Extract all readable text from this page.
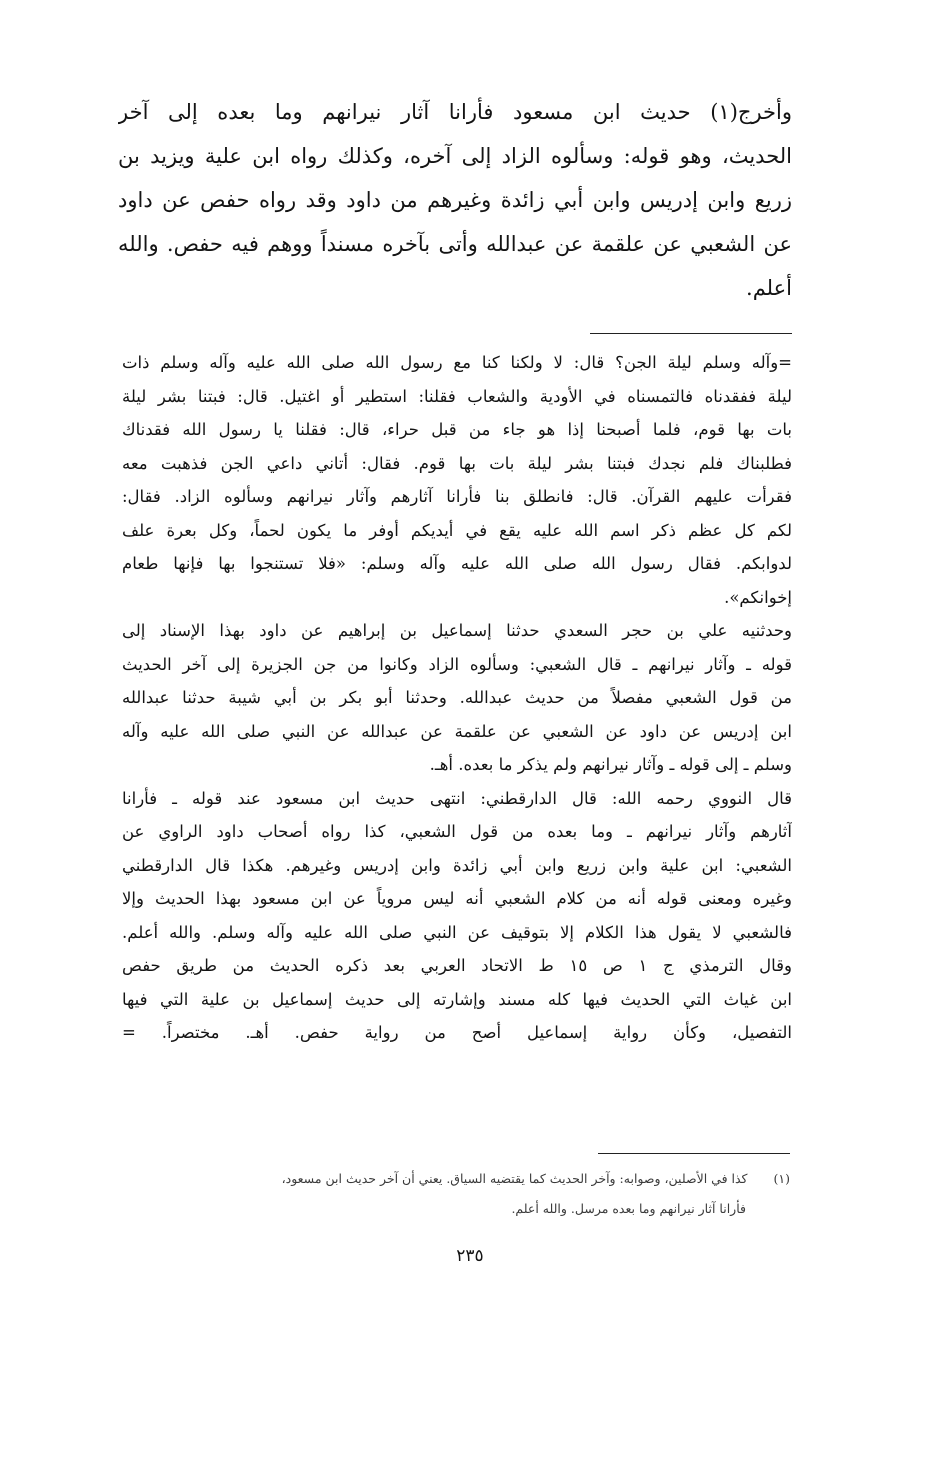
وأخرج(١) حديث ابن مسعود فأرانا آثار نيرانهم وما بعده إلى آخر
الحديث، وهو قوله: وسألوه الزاد إلى آخره، وكذلك رواه ابن علية ويزيد بن
زريع وابن إدريس وابن أبي زائدة وغيرهم من داود وقد رواه حفص عن داود
عن الشعبي عن علقمة عن عبدالله وأتى بآخره مسنداً ووهم فيه حفص. والله
أعلم.
=وآله وسلم ليلة الجن؟ قال: لا ولكنا كنا مع رسول الله صلى الله عليه وآله وسلم ذات
ليلة ففقدناه فالتمسناه في الأودية والشعاب فقلنا: استطير أو اغتيل. قال: فبتنا بشر ليلة
بات بها قوم، فلما أصبحنا إذا هو جاء من قبل حراء، قال: فقلنا يا رسول الله فقدناك
فطلبناك فلم نجدك فبتنا بشر ليلة بات بها قوم. فقال: أتاني داعي الجن فذهبت معه
فقرأت عليهم القرآن. قال: فانطلق بنا فأرانا آثارهم وآثار نيرانهم وسألوه الزاد. فقال:
لكم كل عظم ذكر اسم الله عليه يقع في أيديكم أوفر ما يكون لحماً، وكل بعرة علف
لدوابكم. فقال رسول الله صلى الله عليه وآله وسلم: «فلا تستنجوا بها فإنها طعام
إخوانكم».
وحدثنيه علي بن حجر السعدي حدثنا إسماعيل بن إبراهيم عن داود بهذا الإسناد إلى
قوله ـ وآثار نيرانهم ـ قال الشعبي: وسألوه الزاد وكانوا من جن الجزيرة إلى آخر الحديث
من قول الشعبي مفصلاً من حديث عبدالله. وحدثنا أبو بكر بن أبي شيبة حدثنا عبدالله
ابن إدريس عن داود عن الشعبي عن علقمة عن عبدالله عن النبي صلى الله عليه وآله
وسلم ـ إلى قوله ـ وآثار نيرانهم ولم يذكر ما بعده. أهـ.
قال النووي رحمه الله: قال الدارقطني: انتهى حديث ابن مسعود عند قوله ـ فأرانا
آثارهم وآثار نيرانهم ـ وما بعده من قول الشعبي، كذا رواه أصحاب داود الراوي عن
الشعبي: ابن علية وابن زريع وابن أبي زائدة وابن إدريس وغيرهم. هكذا قال الدارقطني
وغيره ومعنى قوله أنه من كلام الشعبي أنه ليس مروياً عن ابن مسعود بهذا الحديث وإلا
فالشعبي لا يقول هذا الكلام إلا بتوقيف عن النبي صلى الله عليه وآله وسلم. والله أعلم.
وقال الترمذي ج ١ ص ١٥ ط الاتحاد العربي بعد ذكره الحديث من طريق حفص
ابن غياث التي الحديث فيها كله مسند وإشارته إلى حديث إسماعيل بن علية التي فيها
التفصيل، وكأن رواية إسماعيل أصح من رواية حفص. أهـ. مختصراً. =
(١)كذا في الأصلين، وصوابه: وآخر الحديث كما يقتضيه السياق. يعني أن آخر حديث ابن مسعود،
فأرانا آثار نيرانهم وما بعده مرسل. والله أعلم.
٢٣٥
